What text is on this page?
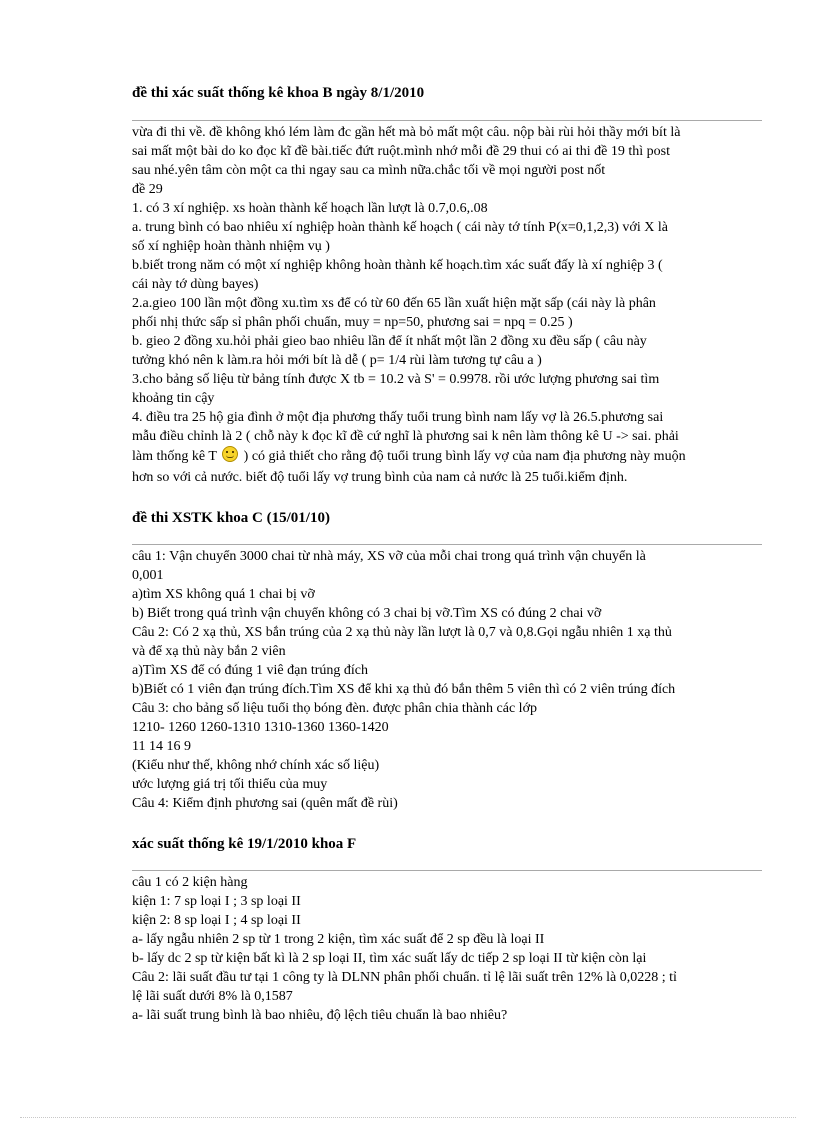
đề thi xác suất thống kê khoa B ngày 8/1/2010
vừa đi thi về. đề không khó lém làm đc gần hết mà bỏ mất một câu. nộp bài rùi hỏi thầy mới bít là
sai mất một bài do ko đọc kĩ đề bài.tiếc đứt ruột.mình nhớ mỗi đề 29 thui có ai thi đề 19 thì post
sau nhé.yên tâm còn một ca thi ngay sau ca mình nữa.chắc tối về mọi người post nốt
đề 29
1. có 3 xí nghiệp. xs hoàn thành kế hoạch lần lượt là 0.7,0.6,.08
a. trung bình có bao nhiêu xí nghiệp hoàn thành kế hoạch ( cái này tớ tính P(x=0,1,2,3) với X là
số xí nghiệp hoàn thành nhiệm vụ )
b.biết trong năm có một xí nghiệp không hoàn thành kế hoạch.tìm xác suất đấy là xí nghiệp 3 (
cái này tớ dùng bayes)
2.a.gieo 100 lần một đồng xu.tìm xs để có từ 60 đến 65 lần xuất hiện mặt sấp (cái này là phân
phối nhị thức sấp sỉ phân phối chuẩn, muy = np=50, phương sai = npq = 0.25 )
b. gieo 2 đồng xu.hỏi phải gieo bao nhiêu lần để ít nhất một lần 2 đồng xu đều sấp ( câu này
tưởng khó nên k làm.ra hỏi mới bít là dễ ( p= 1/4 rùi làm tương tự câu a )
3.cho bảng số liệu từ bảng tính được X tb = 10.2 và S' = 0.9978. rồi ước lượng phương sai tìm
khoảng tin cậy
4. điều tra 25 hộ gia đình ở một địa phương thấy tuổi trung bình nam lấy vợ là 26.5.phương sai
mẫu điều chỉnh là 2 ( chỗ này k đọc kĩ đề cứ nghĩ là phương sai k nên làm thông kê U -> sai. phải
làm thống kê T ) có giả thiết cho rằng độ tuổi trung bình lấy vợ của nam địa phương này muộn
hơn so với cả nước. biết độ tuổi lấy vợ trung bình của nam cả nước là 25 tuổi.kiểm định.
đề thi XSTK khoa C (15/01/10)
câu 1: Vận chuyển 3000 chai từ nhà máy, XS vỡ của mỗi chai trong quá trình vận chuyển là
0,001
a)tìm XS không quá 1 chai bị vỡ
b) Biết trong quá trình vận chuyển không có 3 chai bị vỡ.Tìm XS có đúng 2 chai vỡ
Câu 2: Có 2 xạ thủ, XS bắn trúng của 2 xạ thủ này lần lượt là 0,7 và 0,8.Gọi ngẫu nhiên 1 xạ thủ
và để xạ thủ này bắn 2 viên
a)Tìm XS để có đúng 1 viê đạn trúng đích
b)Biết có 1 viên đạn trúng đích.Tìm XS để khi xạ thủ đó bắn thêm 5 viên thì có 2 viên trúng đích
Câu 3: cho bảng số liệu tuổi thọ bóng đèn. được phân chia thành các lớp
1210- 1260 1260-1310 1310-1360 1360-1420
11 14 16 9
(Kiểu như thế, không nhớ chính xác số liệu)
ước lượng giá trị tối thiểu của muy
Câu 4: Kiểm định phương sai (quên mất đề rùi)
xác suất thống kê 19/1/2010 khoa F
câu 1 có 2 kiện hàng
kiện 1: 7 sp loại I ; 3 sp loại II
kiện 2: 8 sp loại I ; 4 sp loại II
a- lấy ngẫu nhiên 2 sp từ 1 trong 2 kiện, tìm xác suất để 2 sp đều là loại II
b- lấy dc 2 sp từ kiện bất kì là 2 sp loại II, tìm xác suất lấy dc tiếp 2 sp loại II từ kiện còn lại
Câu 2: lãi suất đầu tư tại 1 công ty là DLNN phân phối chuẩn. tỉ lệ lãi suất trên 12% là 0,0228 ; tỉ
lệ lãi suất dưới 8% là 0,1587
a- lãi suất trung bình là bao nhiêu, độ lệch tiêu chuẩn là bao nhiêu?
